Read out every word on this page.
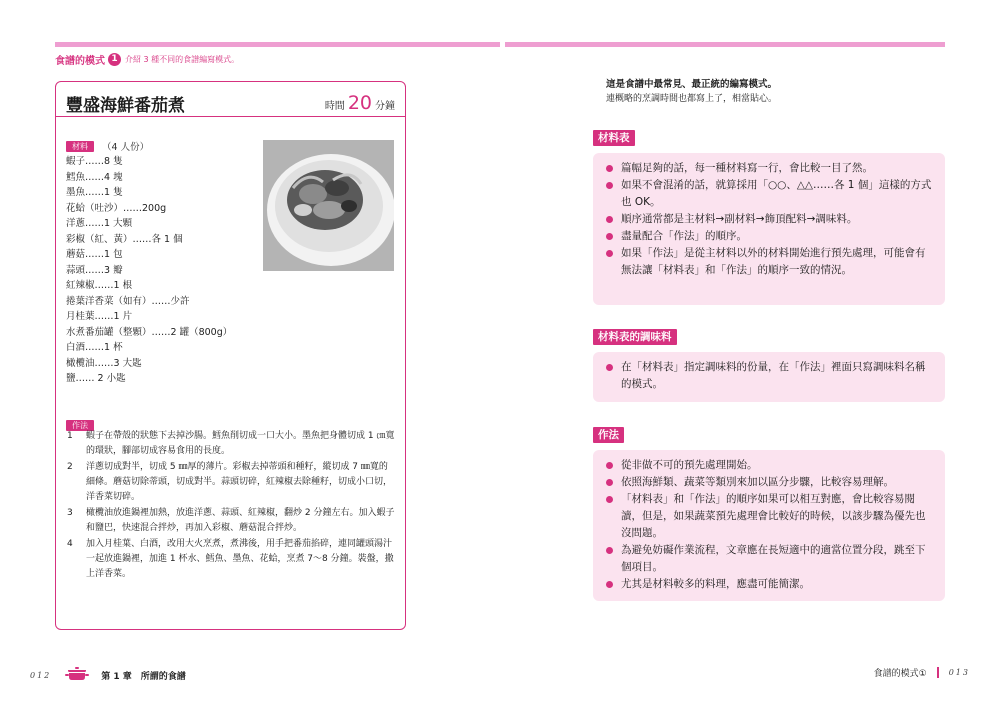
食譜的模式 1 介紹 3 種不同的食譜編寫模式。
豐盛海鮮番茄煮	時間 20 分鐘
材料	（4 人份）
蝦子……8 隻
鱈魚……4 塊
墨魚……1 隻
花蛤（吐沙）……200g
洋蔥……1 大顆
彩椒（紅、黃）……各 1 個
蘑菇……1 包
蒜頭……3 瓣
紅辣椒……1 根
捲葉洋香菜（如有）……少許
月桂葉……1 片
水煮番茄罐（整顆）……2 罐（800g）
白酒……1 杯
橄欖油……3 大匙
鹽…… 2 小匙
作法
1	蝦子在帶殼的狀態下去掉沙腸。鱈魚削切成一口大小。墨魚把身體切成 1 ㎝寬的環狀，腳部切成容易食用的長度。
2	洋蔥切成對半，切成 5 ㎜厚的薄片。彩椒去掉蒂頭和種籽，縱切成 7 ㎜寬的細條。蘑菇切除蒂頭，切成對半。蒜頭切碎，紅辣椒去除種籽，切成小口切，洋香菜切碎。
3	橄欖油放進鍋裡加熱，放進洋蔥、蒜頭、紅辣椒，翻炒 2 分鐘左右。加入蝦子和鹽巴，快速混合拌炒，再加入彩椒、蘑菇混合拌炒。
4	加入月桂葉、白酒，改用大火烹煮，煮沸後，用手把番茄掐碎，連同罐頭湯汁一起放進鍋裡，加進 1 杯水、鱈魚、墨魚、花蛤，烹煮 7～8 分鐘。裝盤，撒上洋香菜。
這是食譜中最常見、最正統的編寫模式。
連概略的烹調時間也都寫上了，相當貼心。
材料表
篇幅足夠的話，每一種材料寫一行，會比較一目了然。
如果不會混淆的話，就算採用「○○、△△……各 1 個」這樣的方式也 OK。
順序通常都是主材料→副材料→飾頂配料→調味料。
盡量配合「作法」的順序。
如果「作法」是從主材料以外的材料開始進行預先處理，可能會有無法讓「材料表」和「作法」的順序一致的情況。
材料表的調味料
在「材料表」指定調味料的份量，在「作法」裡面只寫調味料名稱的模式。
作法
從非做不可的預先處理開始。
依照海鮮類、蔬菜等類別來加以區分步驟，比較容易理解。
「材料表」和「作法」的順序如果可以相互對應，會比較容易閱讀，但是，如果蔬菜預先處理會比較好的時候，以該步驟為優先也沒問題。
為避免妨礙作業流程，文章應在長短適中的適當位置分段，跳至下個項目。
尤其是材料較多的料理，應盡可能簡潔。
012	第 1 章　所謂的食譜	食譜的模式①	013
